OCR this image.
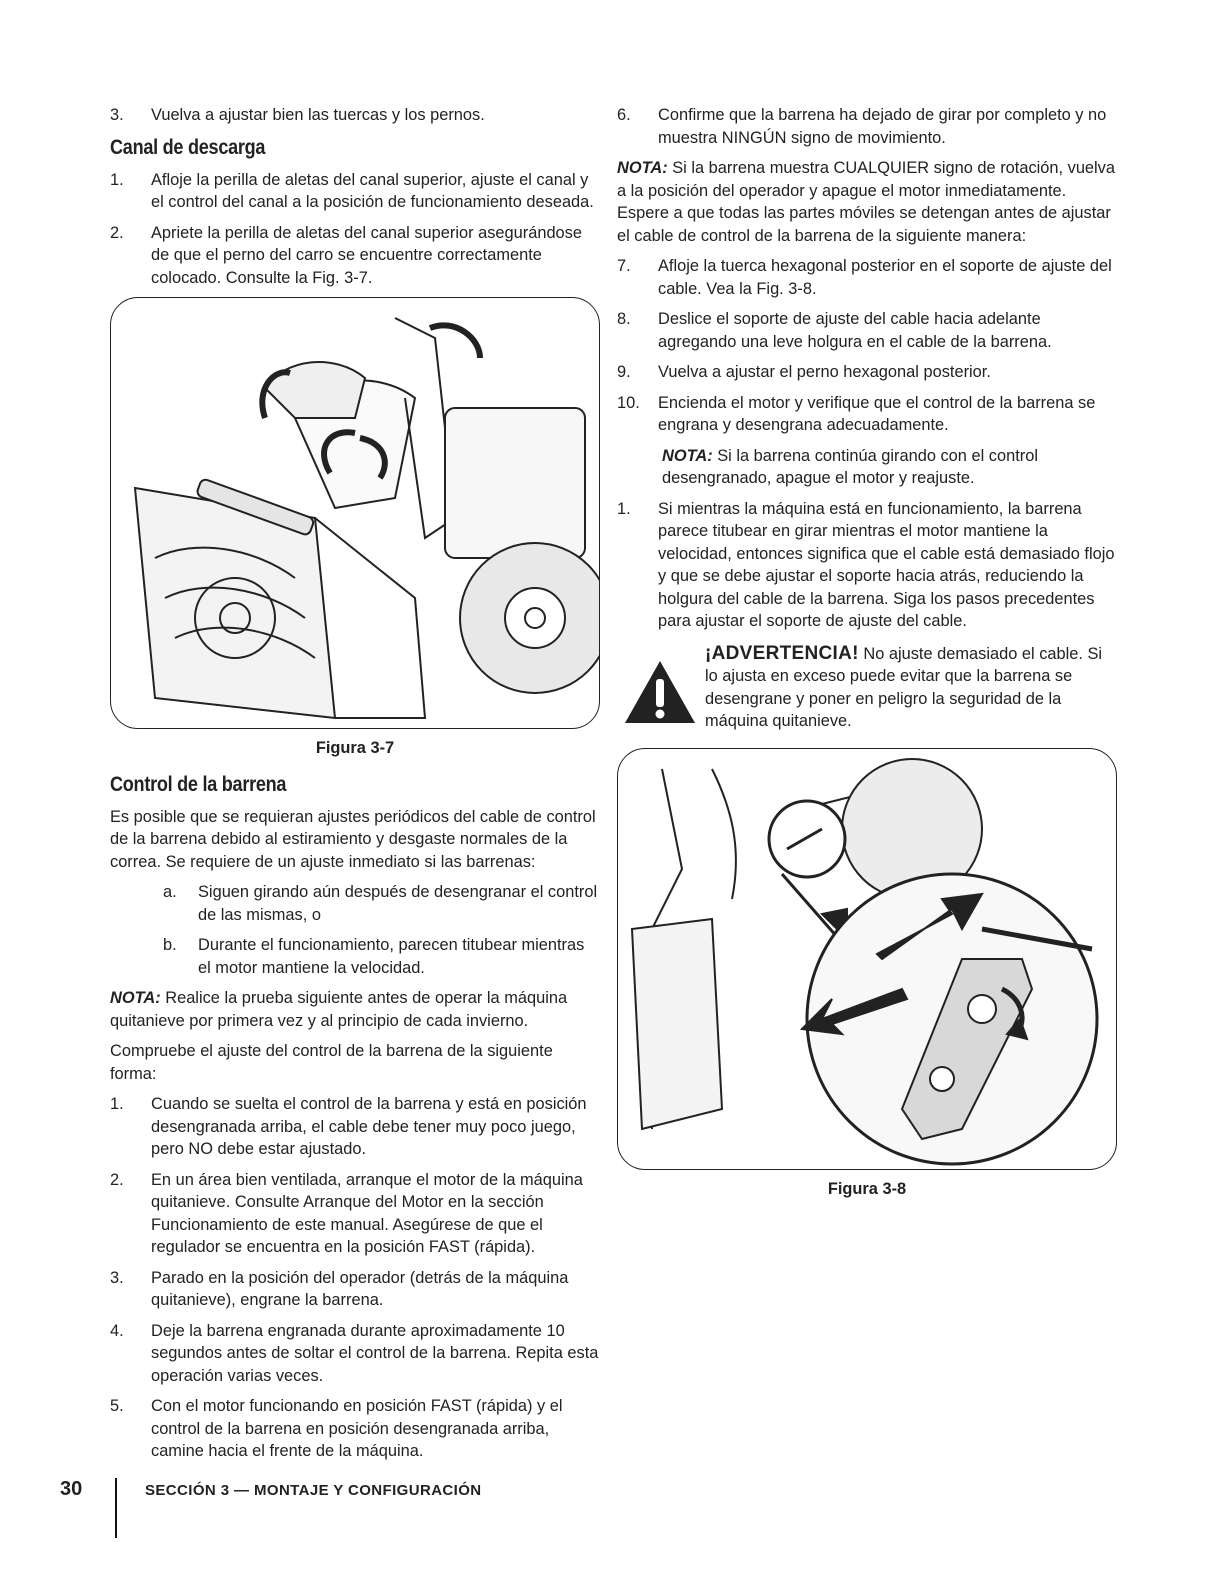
3.	Vuelva a ajustar bien las tuercas y los pernos.
Canal de descarga
1.	Afloje la perilla de aletas del canal superior, ajuste el canal y el control del canal a la posición de funcionamiento deseada.
2.	Apriete la perilla de aletas del canal superior asegurándose de que el perno del carro se encuentre correctamente colocado. Consulte la Fig. 3-7.
Figura 3-7
Control de la barrena

Es posible que se requieran ajustes periódicos del cable de control de la barrena debido al estiramiento y desgaste normales de la correa. Se requiere de un ajuste inmediato si las barrenas:

a. Siguen girando aún después de desengranar el control de las mismas, o
b. Durante el funcionamiento, parecen titubear mientras el motor mantiene la velocidad.

NOTA: Realice la prueba siguiente antes de operar la máquina quitanieve por primera vez y al principio de cada invierno.

Compruebe el ajuste del control de la barrena de la siguiente forma:

1.	Cuando se suelta el control de la barrena y está en posición desengranada arriba, el cable debe tener muy poco juego, pero NO debe estar ajustado.
2.	En un área bien ventilada, arranque el motor de la máquina quitanieve. Consulte Arranque del Motor en la sección Funcionamiento de este manual. Asegúrese de que el regulador se encuentra en la posición FAST (rápida).
3.	Parado en la posición del operador (detrás de la máquina quitanieve), engrane la barrena.
4.	Deje la barrena engranada durante aproximadamente 10 segundos antes de soltar el control de la barrena. Repita esta operación varias veces.
5.	Con el motor funcionando en posición FAST (rápida) y el control de la barrena en posición desengranada arriba, camine hacia el frente de la máquina.
6.	Confirme que la barrena ha dejado de girar por completo y no muestra NINGÚN signo de movimiento.

NOTA: Si la barrena muestra CUALQUIER signo de rotación, vuelva a la posición del operador y apague el motor inmediatamente. Espere a que todas las partes móviles se detengan antes de ajustar el cable de control de la barrena de la siguiente manera:

7.	Afloje la tuerca hexagonal posterior en el soporte de ajuste del cable. Vea la Fig. 3-8.
8.	Deslice el soporte de ajuste del cable hacia adelante agregando una leve holgura en el cable de la barrena.
9.	Vuelva a ajustar el perno hexagonal posterior.
10.	Encienda el motor y verifique que el control de la barrena se engrana y desengrana adecuadamente.

NOTA: Si la barrena continúa girando con el control desengranado, apague el motor y reajuste.

1.	Si mientras la máquina está en funcionamiento, la barrena parece titubear en girar mientras el motor mantiene la velocidad, entonces significa que el cable está demasiado flojo y que se debe ajustar el soporte hacia atrás, reduciendo la holgura del cable de la barrena. Siga los pasos precedentes para ajustar el soporte de ajuste del cable.
¡ADVERTENCIA! No ajuste demasiado el cable. Si lo ajusta en exceso puede evitar que la barrena se desengrane y poner en peligro la seguridad de la máquina quitanieve.
Figura 3-8
30	SECCIÓN 3 — MONTAJE Y CONFIGURACIÓN
